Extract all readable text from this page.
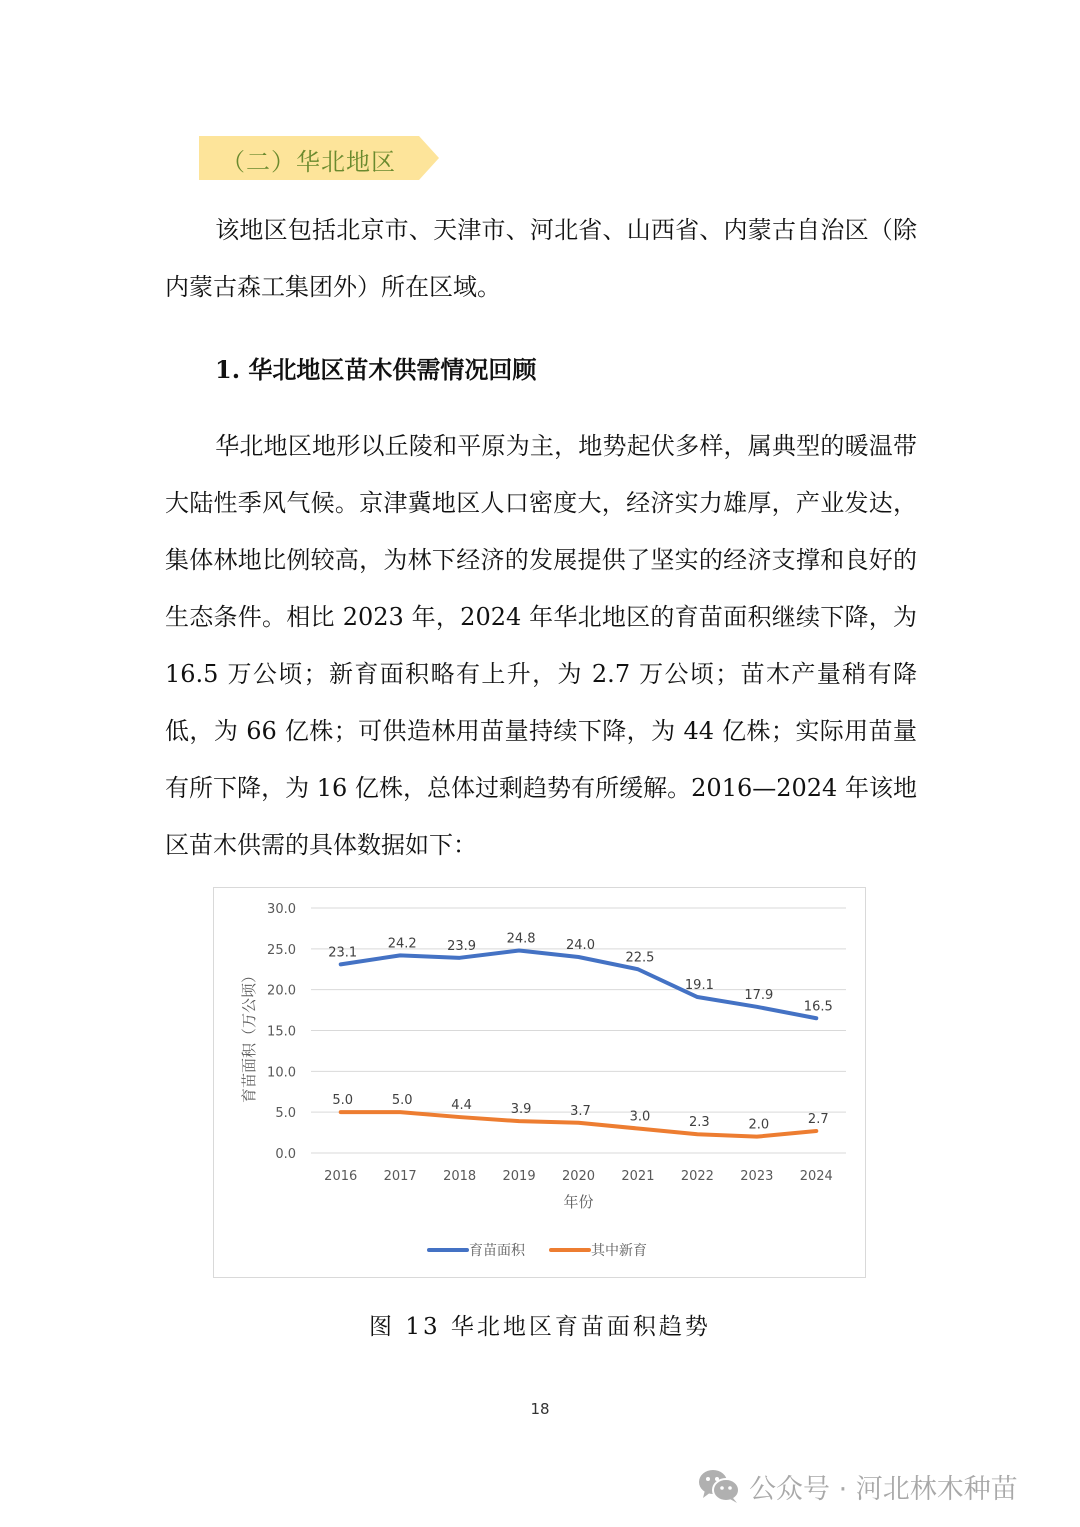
（二）华北地区
该地区包括北京市、天津市、河北省、山西省、内蒙古自治区（除内蒙古森工集团外）所在区域。
1. 华北地区苗木供需情况回顾
华北地区地形以丘陵和平原为主，地势起伏多样，属典型的暖温带大陆性季风气候。京津冀地区人口密度大，经济实力雄厚，产业发达，集体林地比例较高，为林下经济的发展提供了坚实的经济支撑和良好的生态条件。相比 2023 年，2024 年华北地区的育苗面积继续下降，为 16.5 万公顷；新育面积略有上升，为 2.7 万公顷；苗木产量稍有降低，为 66 亿株；可供造林用苗量持续下降，为 44 亿株；实际用苗量有所下降，为 16 亿株，总体过剩趋势有所缓解。2016—2024 年该地区苗木供需的具体数据如下：
0.0
5.0
10.0
15.0
20.0
25.0
30.0
2016 2017 2018 2019 2020 2021 2022 2023 2024
年份
育苗面积（万公顷）
23.1
24.2 23.9 24.8 24.0
22.5
19.1
17.9
16.5
5.0	5.0	4.4	3.9	3.7	3.0	2.3	2.0	2.7
育苗面积	其中新育
图 13 华北地区育苗面积趋势
18
公众号 · 河北林木种苗
